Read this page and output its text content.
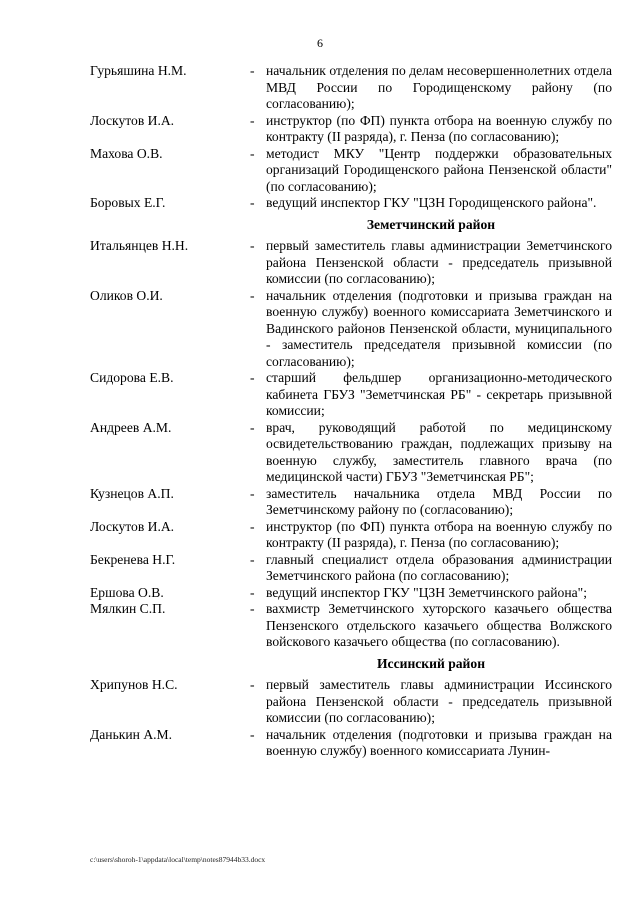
6
Гурьяшина Н.М.	- начальник отделения по делам несовершеннолетних отдела МВД России по Городищенскому району (по согласованию);
Лоскутов И.А.	- инструктор (по ФП) пункта отбора на военную службу по контракту (II разряда), г. Пенза (по согласованию);
Махова О.В.	- методист МКУ "Центр поддержки образовательных организаций Городищенского района Пензенской области" (по согласованию);
Боровых Е.Г.	- ведущий инспектор ГКУ "ЦЗН Городищенского района".
Земетчинский район
Итальянцев Н.Н.	- первый заместитель главы администрации Земетчинского района Пензенской области - председатель призывной комиссии (по согласованию);
Оликов О.И.	- начальник отделения (подготовки и призыва граждан на военную службу) военного комиссариата Земетчинского и Вадинского районов Пензенской области, муниципального - заместитель председателя призывной комиссии (по согласованию);
Сидорова Е.В.	- старший фельдшер организационно-методического кабинета ГБУЗ "Земетчинская РБ" - секретарь призывной комиссии;
Андреев А.М.	- врач, руководящий работой по медицинскому освидетельствованию граждан, подлежащих призыву на военную службу, заместитель главного врача (по медицинской части) ГБУЗ "Земетчинская РБ";
Кузнецов А.П.	- заместитель начальника отдела МВД России по Земетчинскому району по (согласованию);
Лоскутов И.А.	- инструктор (по ФП) пункта отбора на военную службу по контракту (II разряда), г. Пенза (по согласованию);
Бекренева Н.Г.	- главный специалист отдела образования администрации Земетчинского района (по согласованию);
Ершова О.В.	- ведущий инспектор ГКУ "ЦЗН Земетчинского района";
Мялкин С.П.	- вахмистр Земетчинского хуторского казачьего общества Пензенского отдельского казачьего общества Волжского войскового казачьего общества (по согласованию).
Иссинский район
Хрипунов Н.С.	- первый заместитель главы администрации Иссинского района Пензенской области - председатель призывной комиссии (по согласованию);
Данькин А.М.	- начальник отделения (подготовки и призыва граждан на военную службу) военного комиссариата Лунин-
c:\users\shoroh-1\appdata\local\temp\notes87944b33.docx
